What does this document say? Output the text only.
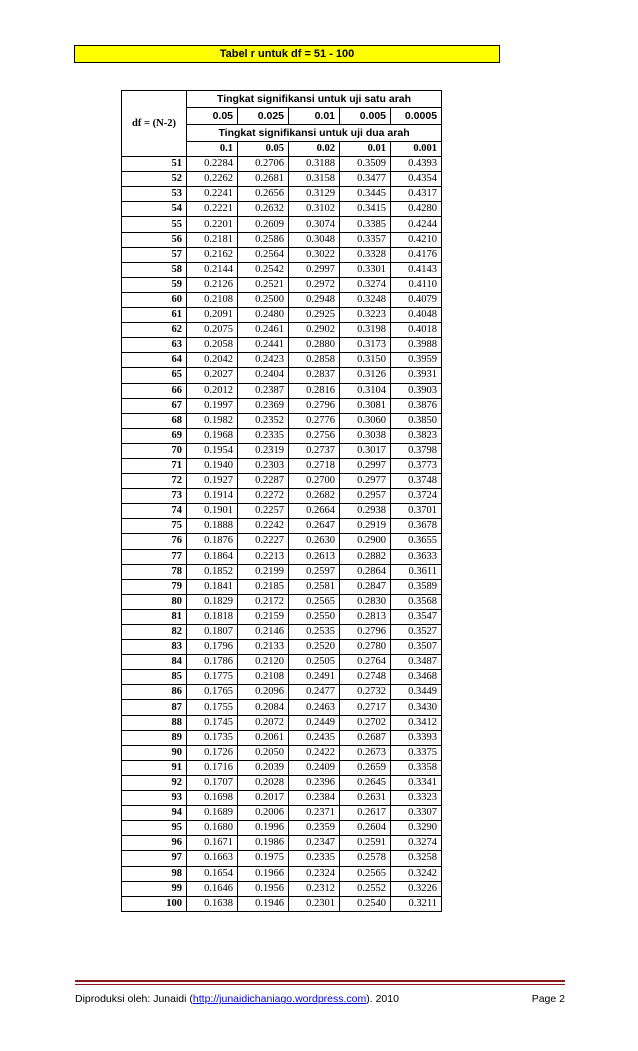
Tabel r untuk df = 51 - 100
df = (N-2)	Tingkat signifikansi untuk uji satu arah				
	0.05	0.025	0.01	0.005	0.0005
	Tingkat signifikansi untuk uji dua arah				
	0.1	0.05	0.02	0.01	0.001
51	0.2284	0.2706	0.3188	0.3509	0.4393
52	0.2262	0.2681	0.3158	0.3477	0.4354
53	0.2241	0.2656	0.3129	0.3445	0.4317
54	0.2221	0.2632	0.3102	0.3415	0.4280
55	0.2201	0.2609	0.3074	0.3385	0.4244
56	0.2181	0.2586	0.3048	0.3357	0.4210
57	0.2162	0.2564	0.3022	0.3328	0.4176
58	0.2144	0.2542	0.2997	0.3301	0.4143
59	0.2126	0.2521	0.2972	0.3274	0.4110
60	0.2108	0.2500	0.2948	0.3248	0.4079
61	0.2091	0.2480	0.2925	0.3223	0.4048
62	0.2075	0.2461	0.2902	0.3198	0.4018
63	0.2058	0.2441	0.2880	0.3173	0.3988
64	0.2042	0.2423	0.2858	0.3150	0.3959
65	0.2027	0.2404	0.2837	0.3126	0.3931
66	0.2012	0.2387	0.2816	0.3104	0.3903
67	0.1997	0.2369	0.2796	0.3081	0.3876
68	0.1982	0.2352	0.2776	0.3060	0.3850
69	0.1968	0.2335	0.2756	0.3038	0.3823
70	0.1954	0.2319	0.2737	0.3017	0.3798
71	0.1940	0.2303	0.2718	0.2997	0.3773
72	0.1927	0.2287	0.2700	0.2977	0.3748
73	0.1914	0.2272	0.2682	0.2957	0.3724
74	0.1901	0.2257	0.2664	0.2938	0.3701
75	0.1888	0.2242	0.2647	0.2919	0.3678
76	0.1876	0.2227	0.2630	0.2900	0.3655
77	0.1864	0.2213	0.2613	0.2882	0.3633
78	0.1852	0.2199	0.2597	0.2864	0.3611
79	0.1841	0.2185	0.2581	0.2847	0.3589
80	0.1829	0.2172	0.2565	0.2830	0.3568
81	0.1818	0.2159	0.2550	0.2813	0.3547
82	0.1807	0.2146	0.2535	0.2796	0.3527
83	0.1796	0.2133	0.2520	0.2780	0.3507
84	0.1786	0.2120	0.2505	0.2764	0.3487
85	0.1775	0.2108	0.2491	0.2748	0.3468
86	0.1765	0.2096	0.2477	0.2732	0.3449
87	0.1755	0.2084	0.2463	0.2717	0.3430
88	0.1745	0.2072	0.2449	0.2702	0.3412
89	0.1735	0.2061	0.2435	0.2687	0.3393
90	0.1726	0.2050	0.2422	0.2673	0.3375
91	0.1716	0.2039	0.2409	0.2659	0.3358
92	0.1707	0.2028	0.2396	0.2645	0.3341
93	0.1698	0.2017	0.2384	0.2631	0.3323
94	0.1689	0.2006	0.2371	0.2617	0.3307
95	0.1680	0.1996	0.2359	0.2604	0.3290
96	0.1671	0.1986	0.2347	0.2591	0.3274
97	0.1663	0.1975	0.2335	0.2578	0.3258
98	0.1654	0.1966	0.2324	0.2565	0.3242
99	0.1646	0.1956	0.2312	0.2552	0.3226
100	0.1638	0.1946	0.2301	0.2540	0.3211
Diproduksi oleh: Junaidi (http://junaidichaniago.wordpress.com). 2010	Page 2
